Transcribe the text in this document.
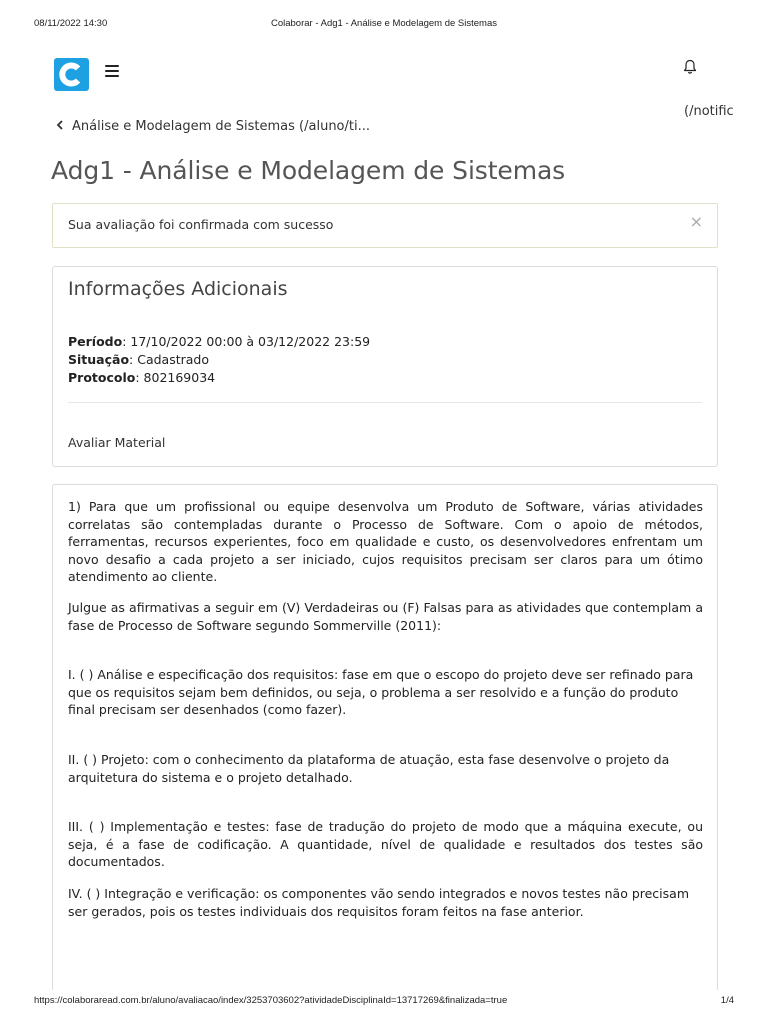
08/11/2022 14:30	Colaborar - Adg1 - Análise e Modelagem de Sistemas
(/notific
Análise e Modelagem de Sistemas (/aluno/ti...
Adg1 - Análise e Modelagem de Sistemas
Sua avaliação foi confirmada com sucesso	×
Informações Adicionais
Período: 17/10/2022 00:00 à 03/12/2022 23:59
Situação: Cadastrado
Protocolo: 802169034
Avaliar Material

1) Para que um profissional ou equipe desenvolva um Produto de Software, várias atividades correlatas são contempladas durante o Processo de Software. Com o apoio de métodos, ferramentas, recursos experientes, foco em qualidade e custo, os desenvolvedores enfrentam um novo desafio a cada projeto a ser iniciado, cujos requisitos precisam ser claros para um ótimo atendimento ao cliente.

Julgue as afirmativas a seguir em (V) Verdadeiras ou (F) Falsas para as atividades que contemplam a fase de Processo de Software segundo Sommerville (2011):

I. ( ) Análise e especificação dos requisitos: fase em que o escopo do projeto deve ser refinado para que os requisitos sejam bem definidos, ou seja, o problema a ser resolvido e a função do produto final precisam ser desenhados (como fazer).

II. ( ) Projeto: com o conhecimento da plataforma de atuação, esta fase desenvolve o projeto da arquitetura do sistema e o projeto detalhado.

III. ( ) Implementação e testes: fase de tradução do projeto de modo que a máquina execute, ou seja, é a fase de codificação. A quantidade, nível de qualidade e resultados dos testes são documentados.

IV. ( ) Integração e verificação: os componentes vão sendo integrados e novos testes não precisam ser gerados, pois os testes individuais dos requisitos foram feitos na fase anterior.

https://colaboraread.com.br/aluno/avaliacao/index/3253703602?atividadeDisciplinaId=13717269&finalizada=true	1/4
